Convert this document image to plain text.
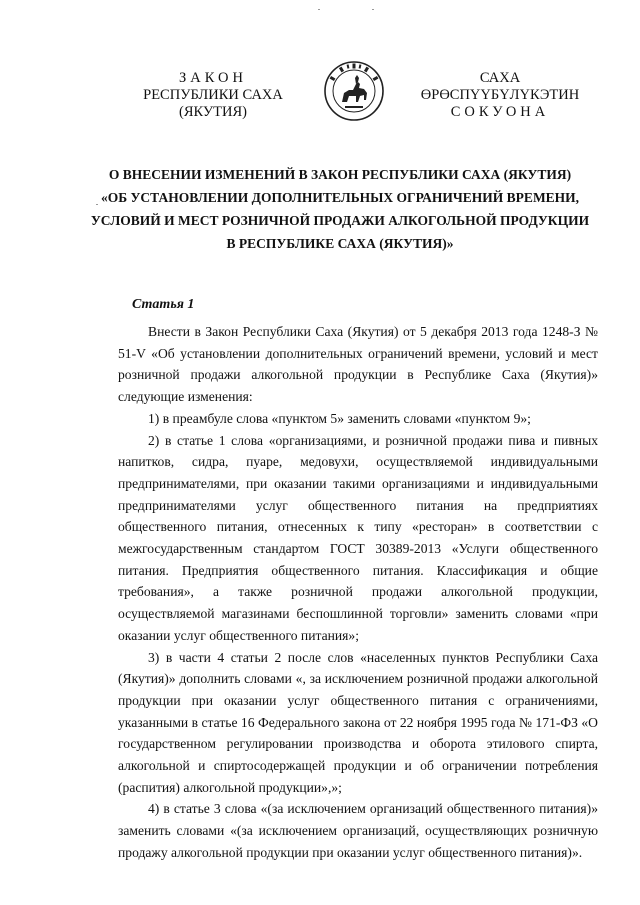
ЗАКОН
РЕСПУБЛИКИ САХА (ЯКУТИЯ)
САХА ӨРӨСПҮҮБҮЛҮКЭТИН
СОКУОНА
О ВНЕСЕНИИ ИЗМЕНЕНИЙ В ЗАКОН РЕСПУБЛИКИ САХА (ЯКУТИЯ)
«ОБ УСТАНОВЛЕНИИ ДОПОЛНИТЕЛЬНЫХ ОГРАНИЧЕНИЙ ВРЕМЕНИ,
УСЛОВИЙ И МЕСТ РОЗНИЧНОЙ ПРОДАЖИ АЛКОГОЛЬНОЙ ПРОДУКЦИИ
В РЕСПУБЛИКЕ САХА (ЯКУТИЯ)»
Статья 1

Внести в Закон Республики Саха (Якутия) от 5 декабря 2013 года 1248-З № 51-V «Об установлении дополнительных ограничений времени, условий и мест розничной продажи алкогольной продукции в Республике Саха (Якутия)» следующие изменения:

1) в преамбуле слова «пунктом 5» заменить словами «пунктом 9»;

2) в статье 1 слова «организациями, и розничной продажи пива и пивных напитков, сидра, пуаре, медовухи, осуществляемой индивидуальными предпринимателями, при оказании такими организациями и индивидуальными предпринимателями услуг общественного питания на предприятиях общественного питания, отнесенных к типу «ресторан» в соответствии с межгосударственным стандартом ГОСТ 30389-2013 «Услуги общественного питания. Предприятия общественного питания. Классификация и общие требования», а также розничной продажи алкогольной продукции, осуществляемой магазинами беспошлинной торговли» заменить словами «при оказании услуг общественного питания»;

3) в части 4 статьи 2 после слов «населенных пунктов Республики Саха (Якутия)» дополнить словами «, за исключением розничной продажи алкогольной продукции при оказании услуг общественного питания с ограничениями, указанными в статье 16 Федерального закона от 22 ноября 1995 года № 171-ФЗ «О государственном регулировании производства и оборота этилового спирта, алкогольной и спиртосодержащей продукции и об ограничении потребления (распития) алкогольной продукции»,»;

4) в статье 3 слова «(за исключением организаций общественного питания)» заменить словами «(за исключением организаций, осуществляющих розничную продажу алкогольной продукции при оказании услуг общественного питания)».
